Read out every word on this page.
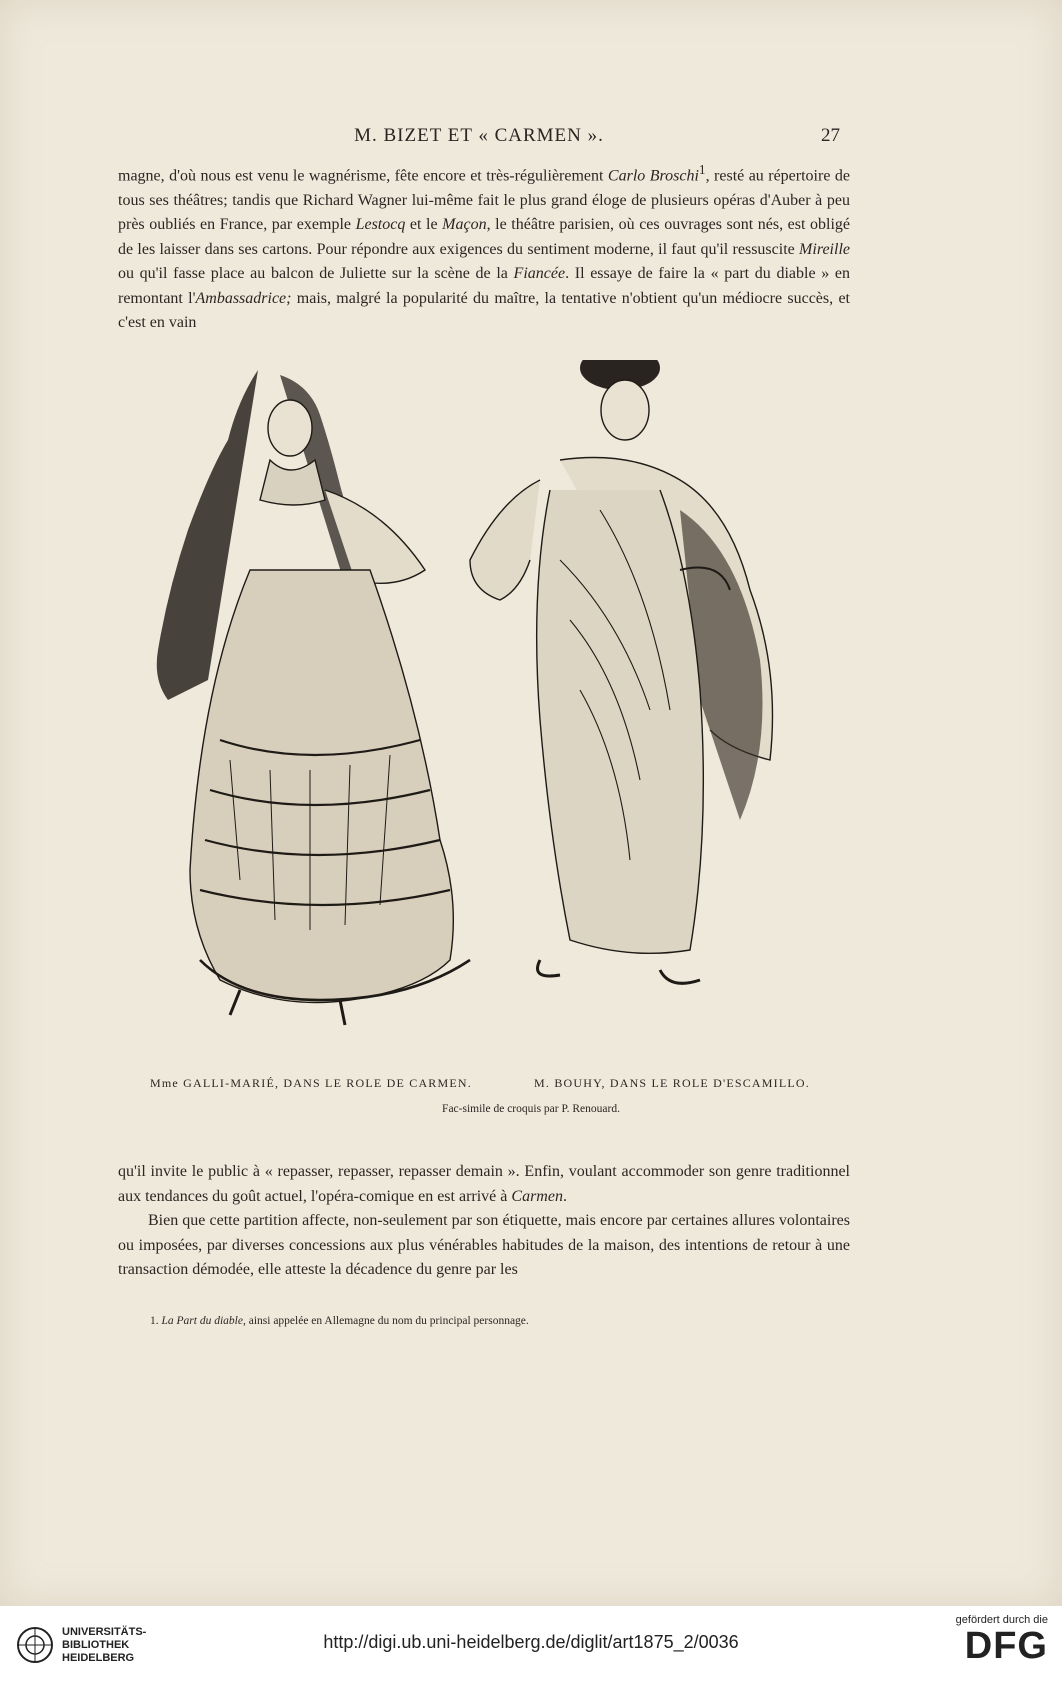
M. BIZET ET « CARMEN ».	27

magne, d'où nous est venu le wagnérisme, fête encore et très-régulièrement Carlo Broschi$^1$, resté au répertoire de tous ses théâtres; tandis que Richard Wagner lui-même fait le plus grand éloge de plusieurs opéras d'Auber à peu près oubliés en France, par exemple Lestocq et le Maçon, le théâtre parisien, où ces ouvrages sont nés, est obligé de les laisser dans ses cartons. Pour répondre aux exigences du sentiment moderne, il faut qu'il ressuscite Mireille ou qu'il fasse place au balcon de Juliette sur la scène de la Fiancée. Il essaye de faire la « part du diable » en remontant l'Ambassadrice; mais, malgré la popularité du maître, la tentative n'obtient qu'un médiocre succès, et c'est en vain

Mme GALLI-MARIÉ, DANS LE ROLE DE CARMEN.	M. BOUHY, DANS LE ROLE D'ESCAMILLO.
Fac-simile de croquis par P. Renouard.

qu'il invite le public à « repasser, repasser, repasser demain ». Enfin, voulant accommoder son genre traditionnel aux tendances du goût actuel, l'opéra-comique en est arrivé à Carmen.

Bien que cette partition affecte, non-seulement par son étiquette, mais encore par certaines allures volontaires ou imposées, par diverses concessions aux plus vénérables habitudes de la maison, des intentions de retour à une transaction démodée, elle atteste la décadence du genre par les

1. La Part du diable, ainsi appelée en Allemagne du nom du principal personnage.
UNIVERSITÄTS-
BIBLIOTHEK
HEIDELBERG
http://digi.ub.uni-heidelberg.de/diglit/art1875_2/0036
gefördert durch die
DFG
